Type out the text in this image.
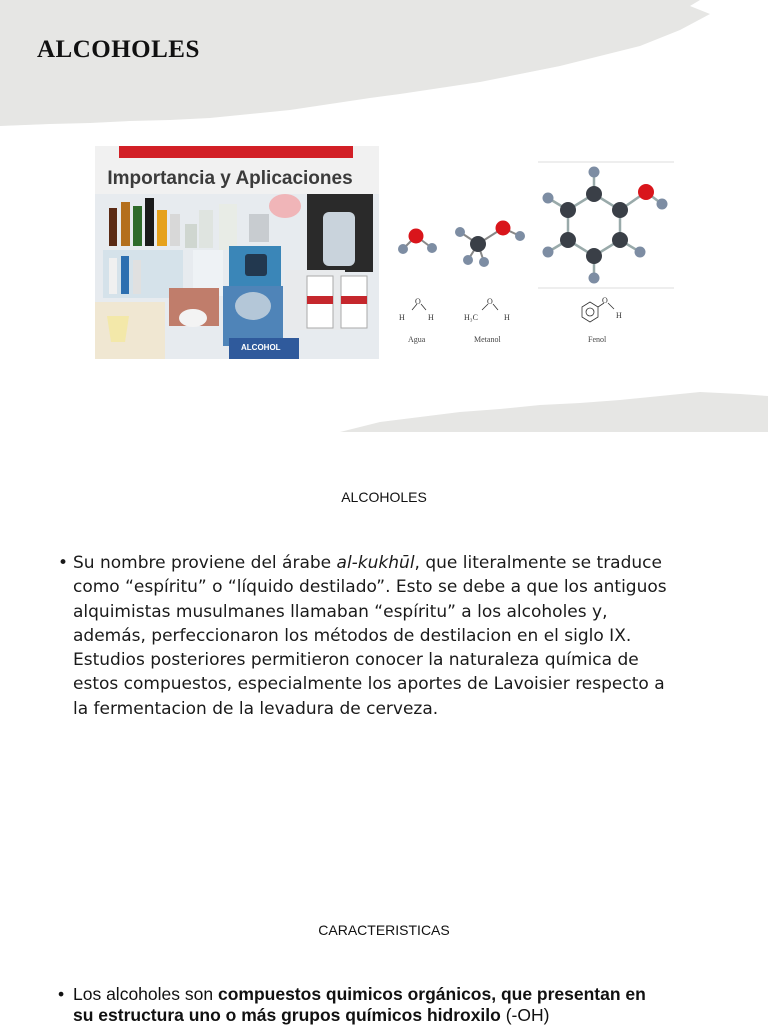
ALCOHOLES
Importancia y Aplicaciones
ALCOHOL
O
H	H
Agua
O
H₃C	H
Metanol
O
H
Fenol
ALCOHOLES
• Su nombre proviene del árabe al-kukhūl, que literalmente se traduce
como “espíritu” o “líquido destilado”. Esto se debe a que los antiguos
alquimistas musulmanes llamaban “espíritu” a los alcoholes y,
además, perfeccionaron los métodos de destilacion en el siglo IX.
Estudios posteriores permitieron conocer la naturaleza química de
estos compuestos, especialmente los aportes de Lavoisier respecto a
la fermentacion de la levadura de cerveza.
CARACTERISTICAS
• Los alcoholes son compuestos quimicos orgánicos, que presentan en
su estructura uno o más grupos químicos hidroxilo (-OH)
